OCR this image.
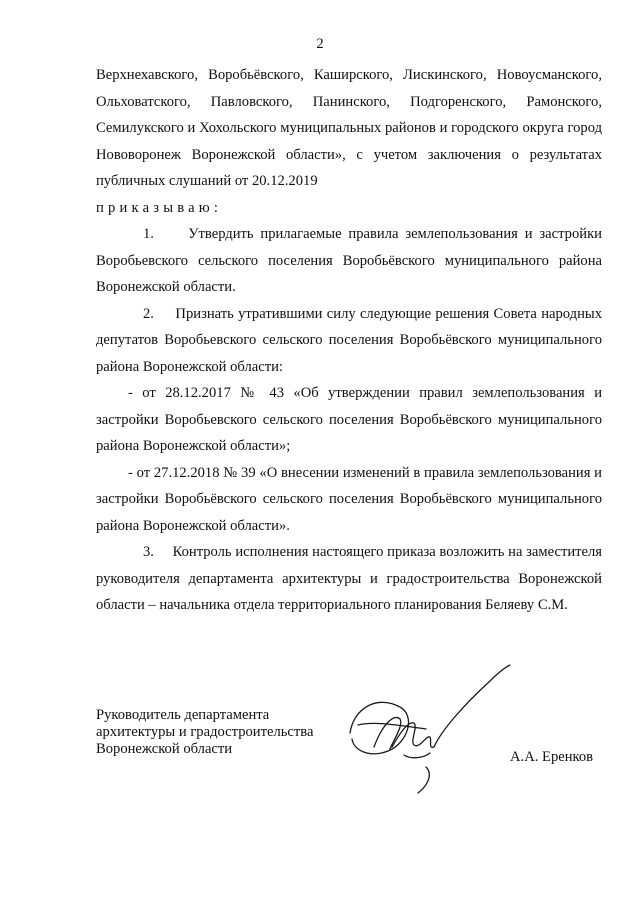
2

Верхнехавского, Воробьёвского, Каширского, Лискинского, Новоусманского, Ольховатского, Павловского, Панинского, Подгоренского, Рамонского, Семилукского и Хохольского муниципальных районов и городского округа город Нововоронеж Воронежской области», с учетом заключения о результатах публичных слушаний от 20.12.2019

приказываю:

1.     Утвердить прилагаемые правила землепользования и застройки Воробьевского сельского поселения Воробьёвского муниципального района Воронежской области.

2.     Признать утратившими силу следующие решения Совета народных депутатов Воробьевского сельского поселения Воробьёвского муниципального района Воронежской области:

- от 28.12.2017 № 43 «Об утверждении правил землепользования и застройки Воробьевского сельского поселения Воробьёвского муниципального района Воронежской области»;

- от 27.12.2018 № 39 «О внесении изменений в правила землепользования и застройки Воробьёвского сельского поселения Воробьёвского муниципального района Воронежской области».

3.     Контроль исполнения настоящего приказа возложить на заместителя руководителя департамента архитектуры и градостроительства Воронежской области – начальника отдела территориального планирования Беляеву С.М.

Руководитель департамента
архитектуры и градостроительства
Воронежской области	А.А. Еренков
